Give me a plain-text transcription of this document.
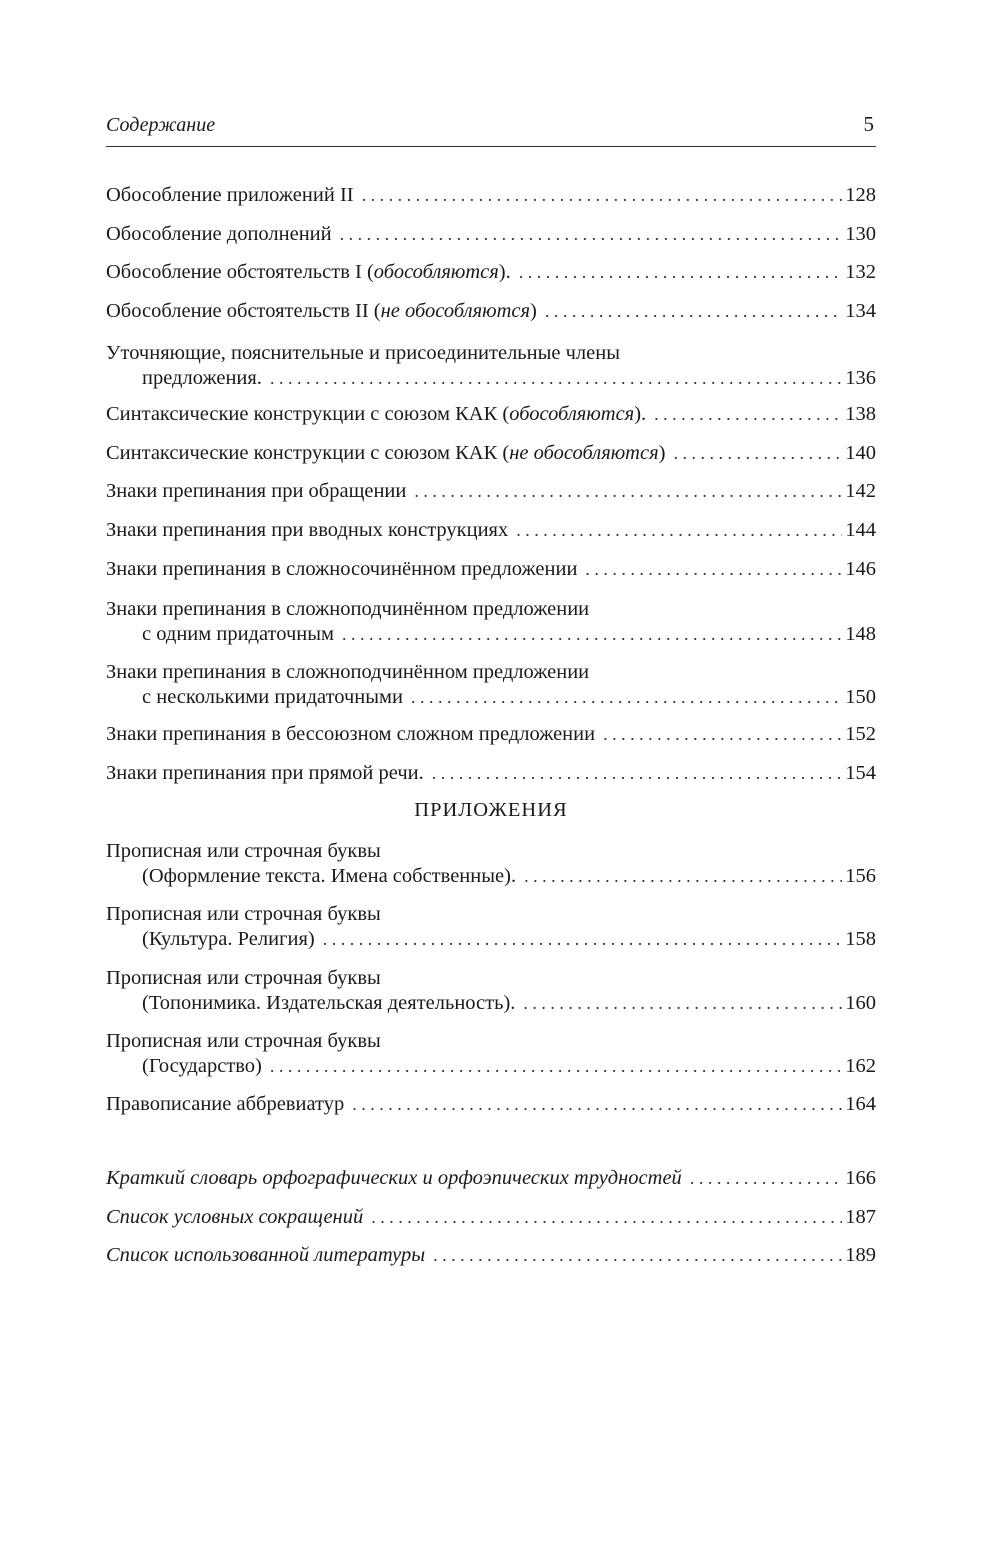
Содержание	5
Обособление приложений II . . .	128
Обособление дополнений . . .	130
Обособление обстоятельств I (обособляются). . . .	132
Обособление обстоятельств II (не обособляются) . . .	134
Уточняющие, пояснительные и присоединительные члены
предложения. . . .	136
Синтаксические конструкции с союзом КАК (обособляются). . . .	138
Синтаксические конструкции с союзом КАК (не обособляются) . . .	140
Знаки препинания при обращении . . .	142
Знаки препинания при вводных конструкциях . . .	144
Знаки препинания в сложносочинённом предложении . . .	146
Знаки препинания в сложноподчинённом предложении
с одним придаточным . . .	148
Знаки препинания в сложноподчинённом предложении
с несколькими придаточными . . .	150
Знаки препинания в бессоюзном сложном предложении . . .	152
Знаки препинания при прямой речи. . . .	154
ПРИЛОЖЕНИЯ
Прописная или строчная буквы
(Оформление текста. Имена собственные). . . .	156
Прописная или строчная буквы
(Культура. Религия) . . .	158
Прописная или строчная буквы
(Топонимика. Издательская деятельность). . . .	160
Прописная или строчная буквы
(Государство) . . .	162
Правописание аббревиатур . . .	164
Краткий словарь орфографических и орфоэпических трудностей . . .	166
Список условных сокращений . . .	187
Список использованной литературы . . .	189
